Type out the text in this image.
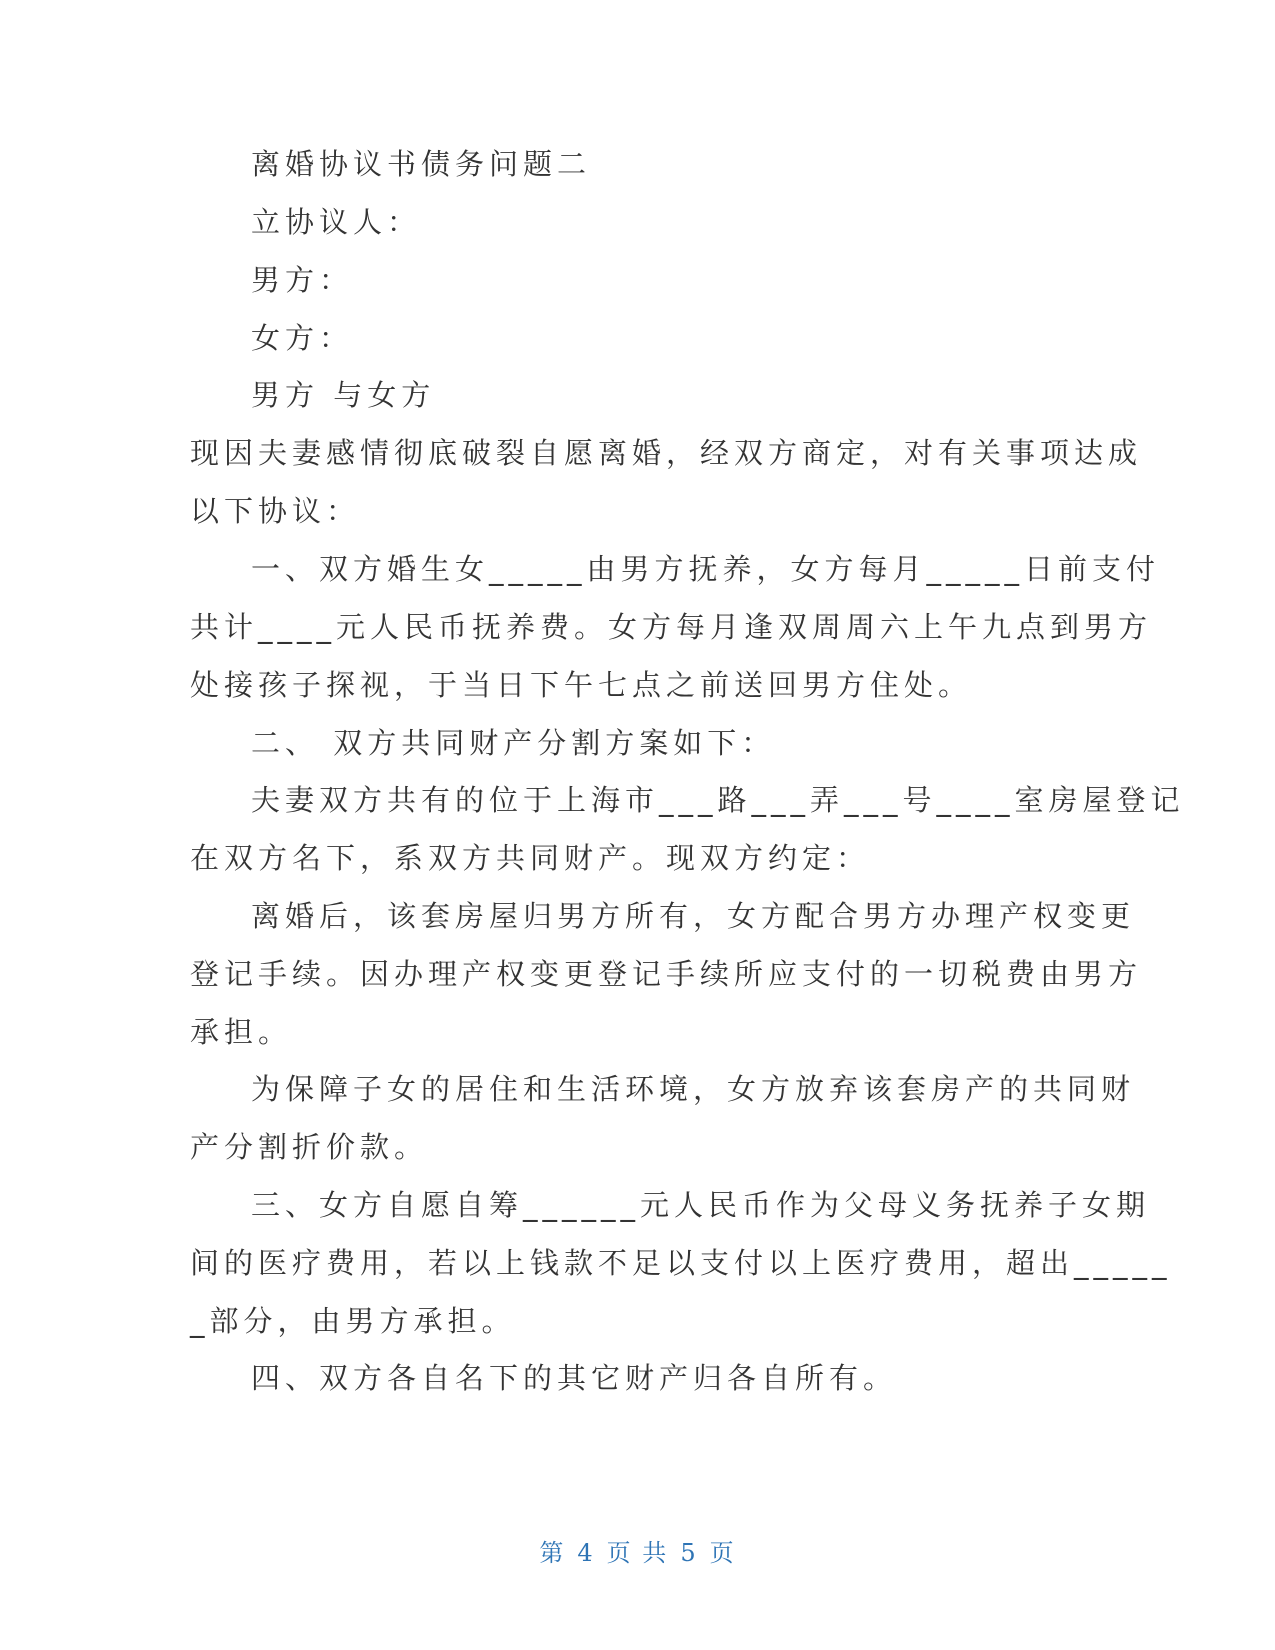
离婚协议书债务问题二
立协议人：
男方：
女方：
男方 与女方
现因夫妻感情彻底破裂自愿离婚，经双方商定，对有关事项达成
以下协议：
一、双方婚生女_____由男方抚养，女方每月_____日前支付
共计____元人民币抚养费。女方每月逢双周周六上午九点到男方
处接孩子探视，于当日下午七点之前送回男方住处。
二、 双方共同财产分割方案如下：
夫妻双方共有的位于上海市___路___弄___号____室房屋登记
在双方名下，系双方共同财产。现双方约定：
离婚后，该套房屋归男方所有，女方配合男方办理产权变更
登记手续。因办理产权变更登记手续所应支付的一切税费由男方
承担。
为保障子女的居住和生活环境，女方放弃该套房产的共同财
产分割折价款。
三、女方自愿自筹______元人民币作为父母义务抚养子女期
间的医疗费用，若以上钱款不足以支付以上医疗费用，超出_____
_部分，由男方承担。
四、双方各自名下的其它财产归各自所有。
第 4 页 共 5 页
